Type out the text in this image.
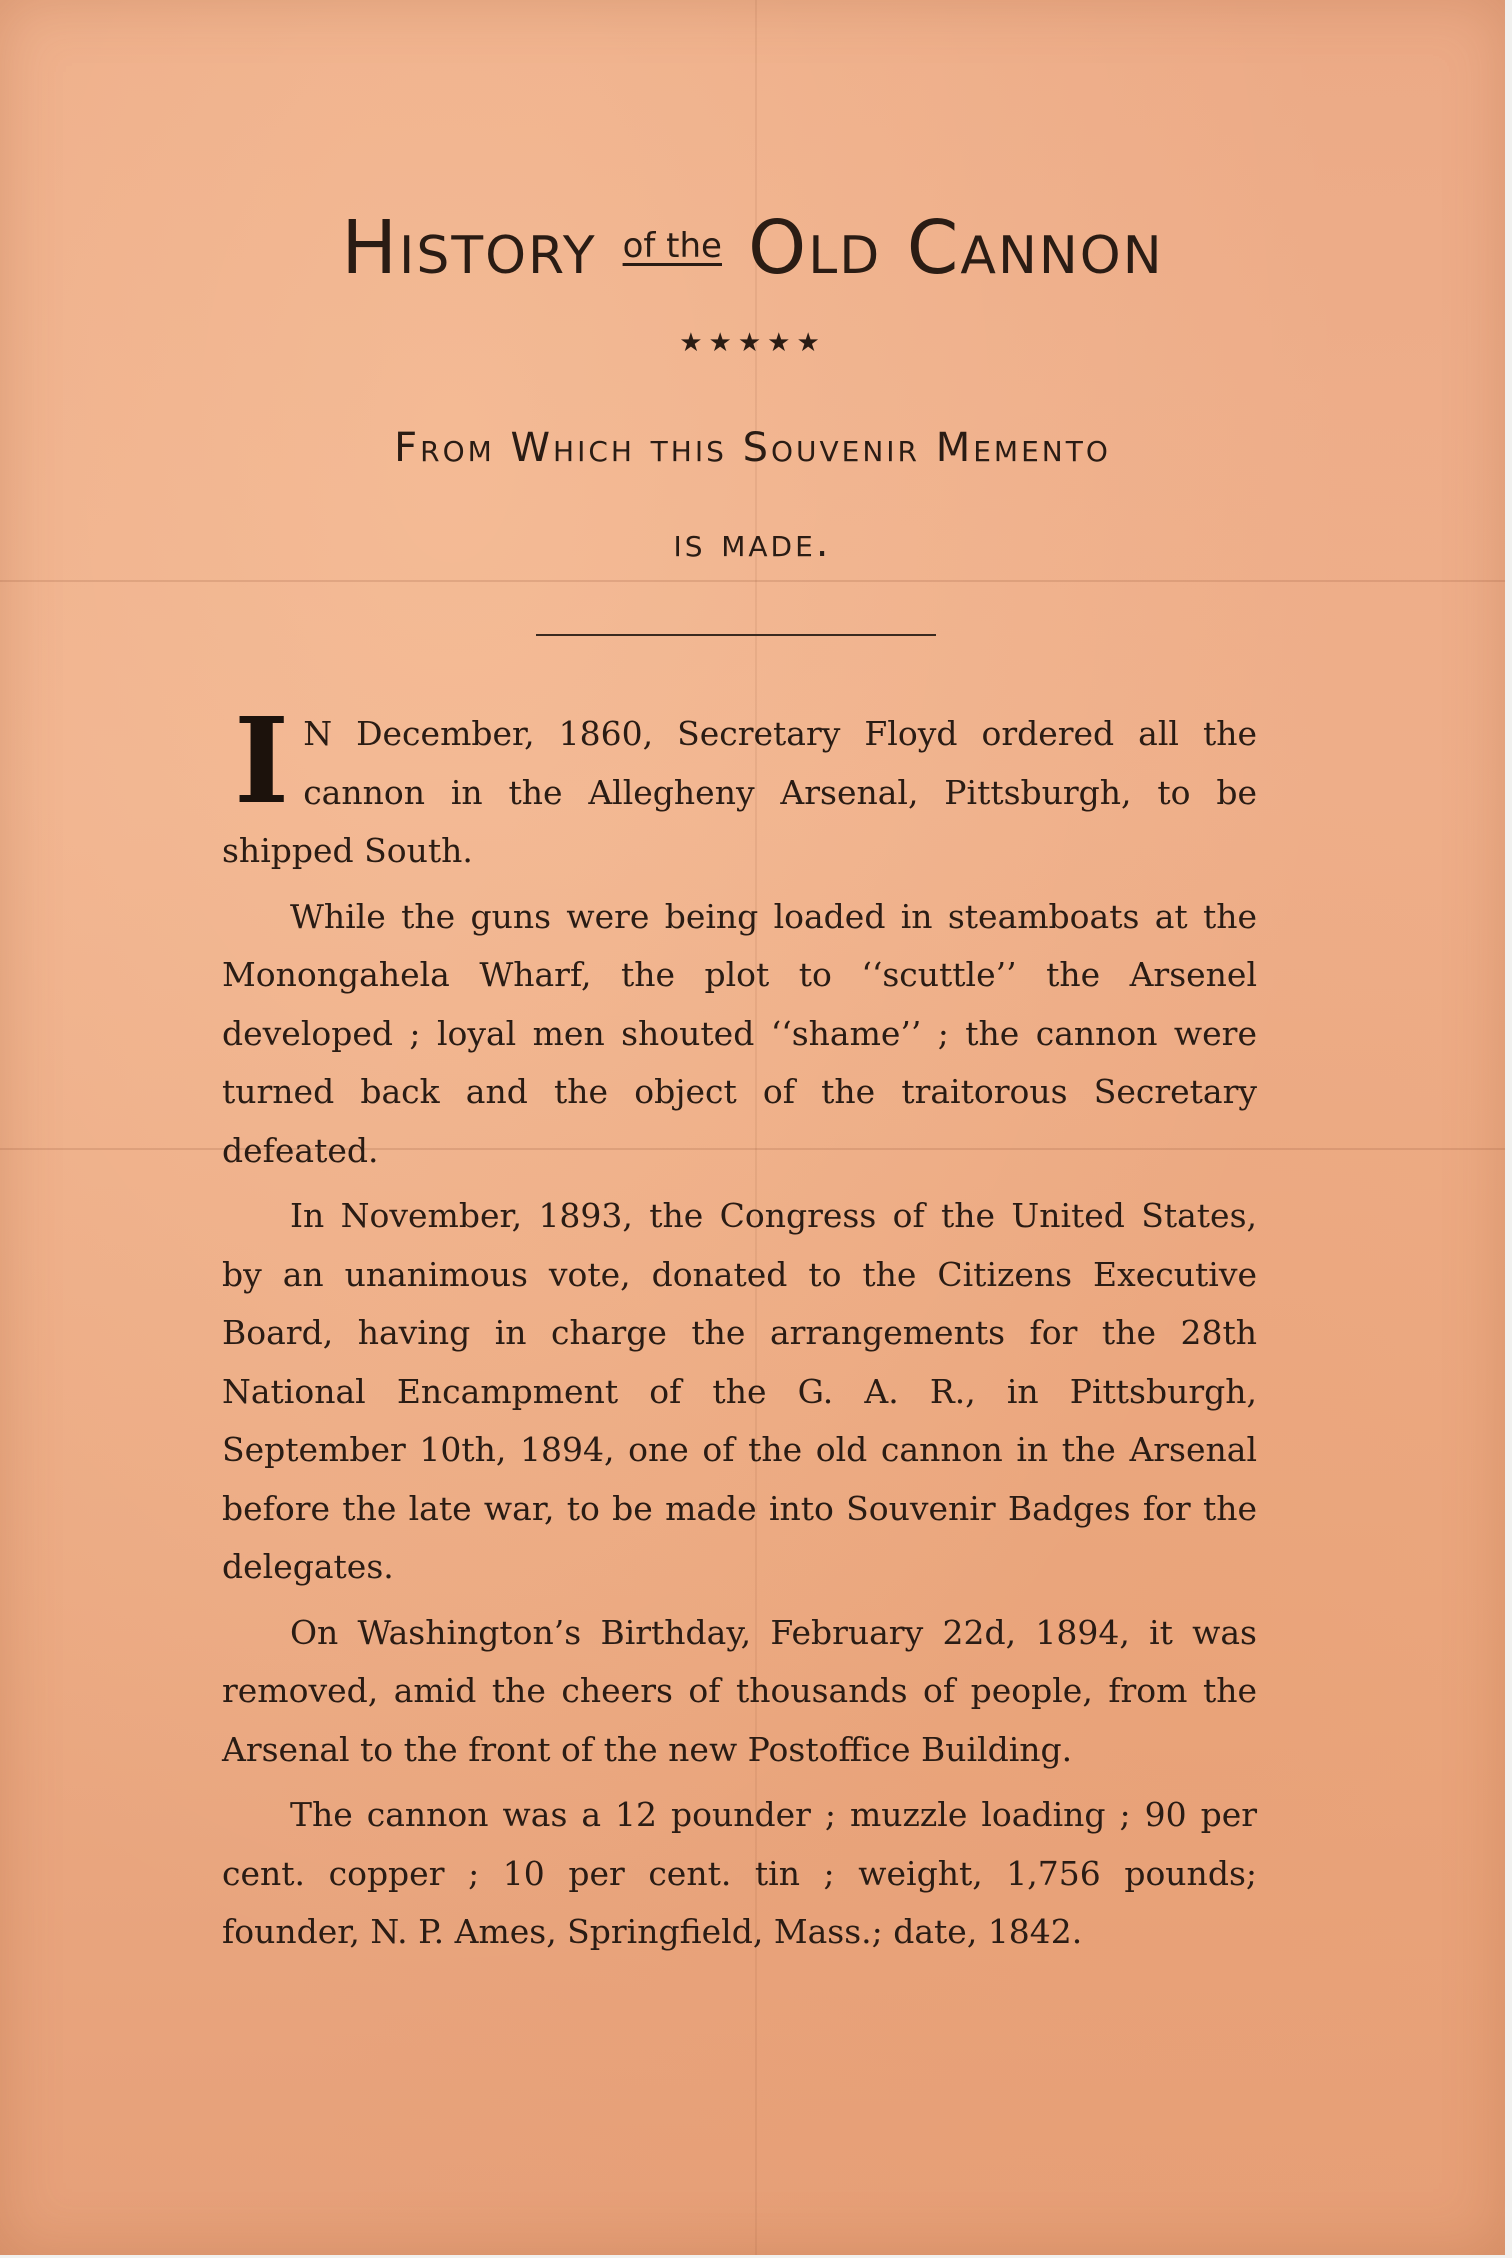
History of the Old Cannon
★★★★★
From Which this Souvenir Memento
is made.

I N December, 1860, Secretary Floyd ordered all the cannon in the Allegheny Arsenal, Pittsburgh, to be shipped South.

While the guns were being loaded in steamboats at the Monongahela Wharf, the plot to ‘‘scuttle’’ the Arsenel developed ; loyal men shouted ‘‘shame’’ ; the cannon were turned back and the object of the traitorous Secretary defeated.

In November, 1893, the Congress of the United States, by an unanimous vote, donated to the Citizens Executive Board, having in charge the arrangements for the 28th National Encampment of the G. A. R., in Pittsburgh, September 10th, 1894, one of the old cannon in the Arsenal before the late war, to be made into Souvenir Badges for the delegates.

On Washington’s Birthday, February 22d, 1894, it was removed, amid the cheers of thousands of people, from the Arsenal to the front of the new Postoffice Building.

The cannon was a 12 pounder ; muzzle loading ; 90 per cent. copper ; 10 per cent. tin ; weight, 1,756 pounds; founder, N. P. Ames, Springfield, Mass.; date, 1842.
